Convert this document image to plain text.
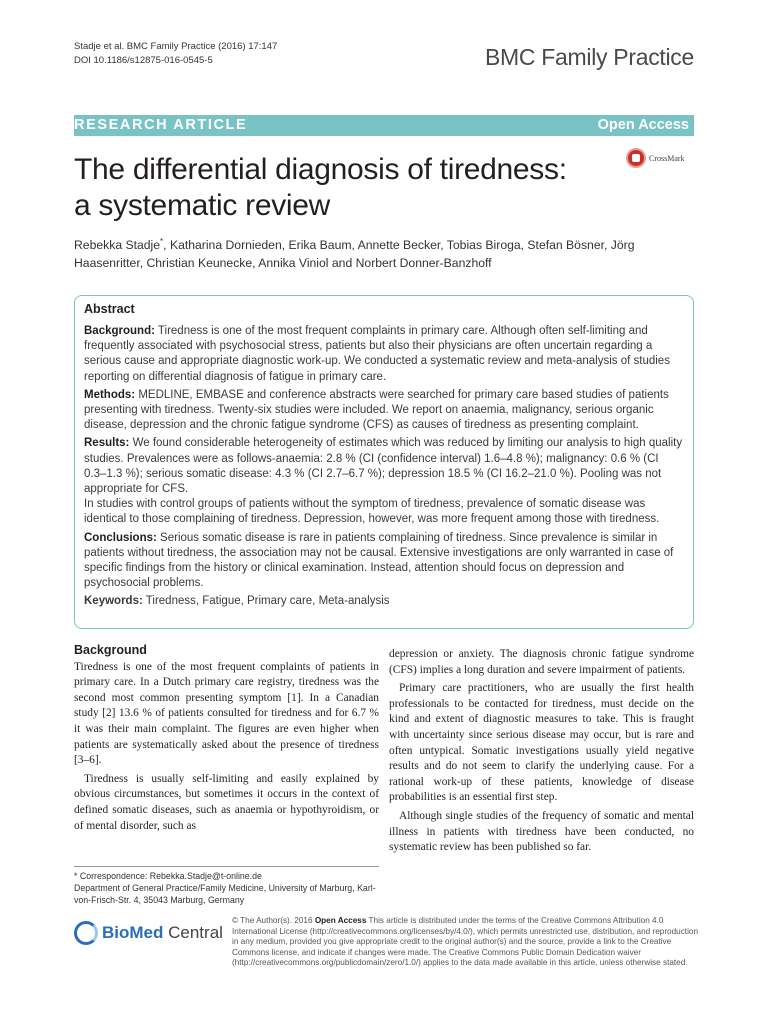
Stadje et al. BMC Family Practice (2016) 17:147
DOI 10.1186/s12875-016-0545-5	BMC Family Practice
RESEARCH ARTICLE	Open Access
The differential diagnosis of tiredness:
a systematic review
CrossMark
Rebekka Stadje*, Katharina Dornieden, Erika Baum, Annette Becker, Tobias Biroga, Stefan Bösner, Jörg Haasenritter, Christian Keunecke, Annika Viniol and Norbert Donner-Banzhoff
Abstract

Background: Tiredness is one of the most frequent complaints in primary care. Although often self-limiting and frequently associated with psychosocial stress, patients but also their physicians are often uncertain regarding a serious cause and appropriate diagnostic work-up. We conducted a systematic review and meta-analysis of studies reporting on differential diagnosis of fatigue in primary care.

Methods: MEDLINE, EMBASE and conference abstracts were searched for primary care based studies of patients presenting with tiredness. Twenty-six studies were included. We report on anaemia, malignancy, serious organic disease, depression and the chronic fatigue syndrome (CFS) as causes of tiredness as presenting complaint.

Results: We found considerable heterogeneity of estimates which was reduced by limiting our analysis to high quality studies. Prevalences were as follows-anaemia: 2.8 % (CI (confidence interval) 1.6–4.8 %); malignancy: 0.6 % (CI 0.3–1.3 %); serious somatic disease: 4.3 % (CI 2.7–6.7 %); depression 18.5 % (CI 16.2–21.0 %). Pooling was not appropriate for CFS.
In studies with control groups of patients without the symptom of tiredness, prevalence of somatic disease was identical to those complaining of tiredness. Depression, however, was more frequent among those with tiredness.

Conclusions: Serious somatic disease is rare in patients complaining of tiredness. Since prevalence is similar in patients without tiredness, the association may not be causal. Extensive investigations are only warranted in case of specific findings from the history or clinical examination. Instead, attention should focus on depression and psychosocial problems.

Keywords: Tiredness, Fatigue, Primary care, Meta-analysis

Background

Tiredness is one of the most frequent complaints of patients in primary care. In a Dutch primary care registry, tiredness was the second most common presenting symptom [1]. In a Canadian study [2] 13.6 % of patients consulted for tiredness and for 6.7 % it was their main complaint. The figures are even higher when patients are systematically asked about the presence of tiredness [3–6].

Tiredness is usually self-limiting and easily explained by obvious circumstances, but sometimes it occurs in the context of defined somatic diseases, such as anaemia or hypothyroidism, or of mental disorder, such as

depression or anxiety. The diagnosis chronic fatigue syndrome (CFS) implies a long duration and severe impairment of patients.

Primary care practitioners, who are usually the first health professionals to be contacted for tiredness, must decide on the kind and extent of diagnostic measures to take. This is fraught with uncertainty since serious disease may occur, but is rare and often untypical. Somatic investigations usually yield negative results and do not seem to clarify the underlying cause. For a rational work-up of these patients, knowledge of disease probabilities is an essential first step.

Although single studies of the frequency of somatic and mental illness in patients with tiredness have been conducted, no systematic review has been published so far.

* Correspondence: Rebekka.Stadje@t-online.de
Department of General Practice/Family Medicine, University of Marburg, Karl-von-Frisch-Str. 4, 35043 Marburg, Germany
BioMed Central
© The Author(s). 2016 Open Access This article is distributed under the terms of the Creative Commons Attribution 4.0 International License (http://creativecommons.org/licenses/by/4.0/), which permits unrestricted use, distribution, and reproduction in any medium, provided you give appropriate credit to the original author(s) and the source, provide a link to the Creative Commons license, and indicate if changes were made. The Creative Commons Public Domain Dedication waiver (http://creativecommons.org/publicdomain/zero/1.0/) applies to the data made available in this article, unless otherwise stated.
